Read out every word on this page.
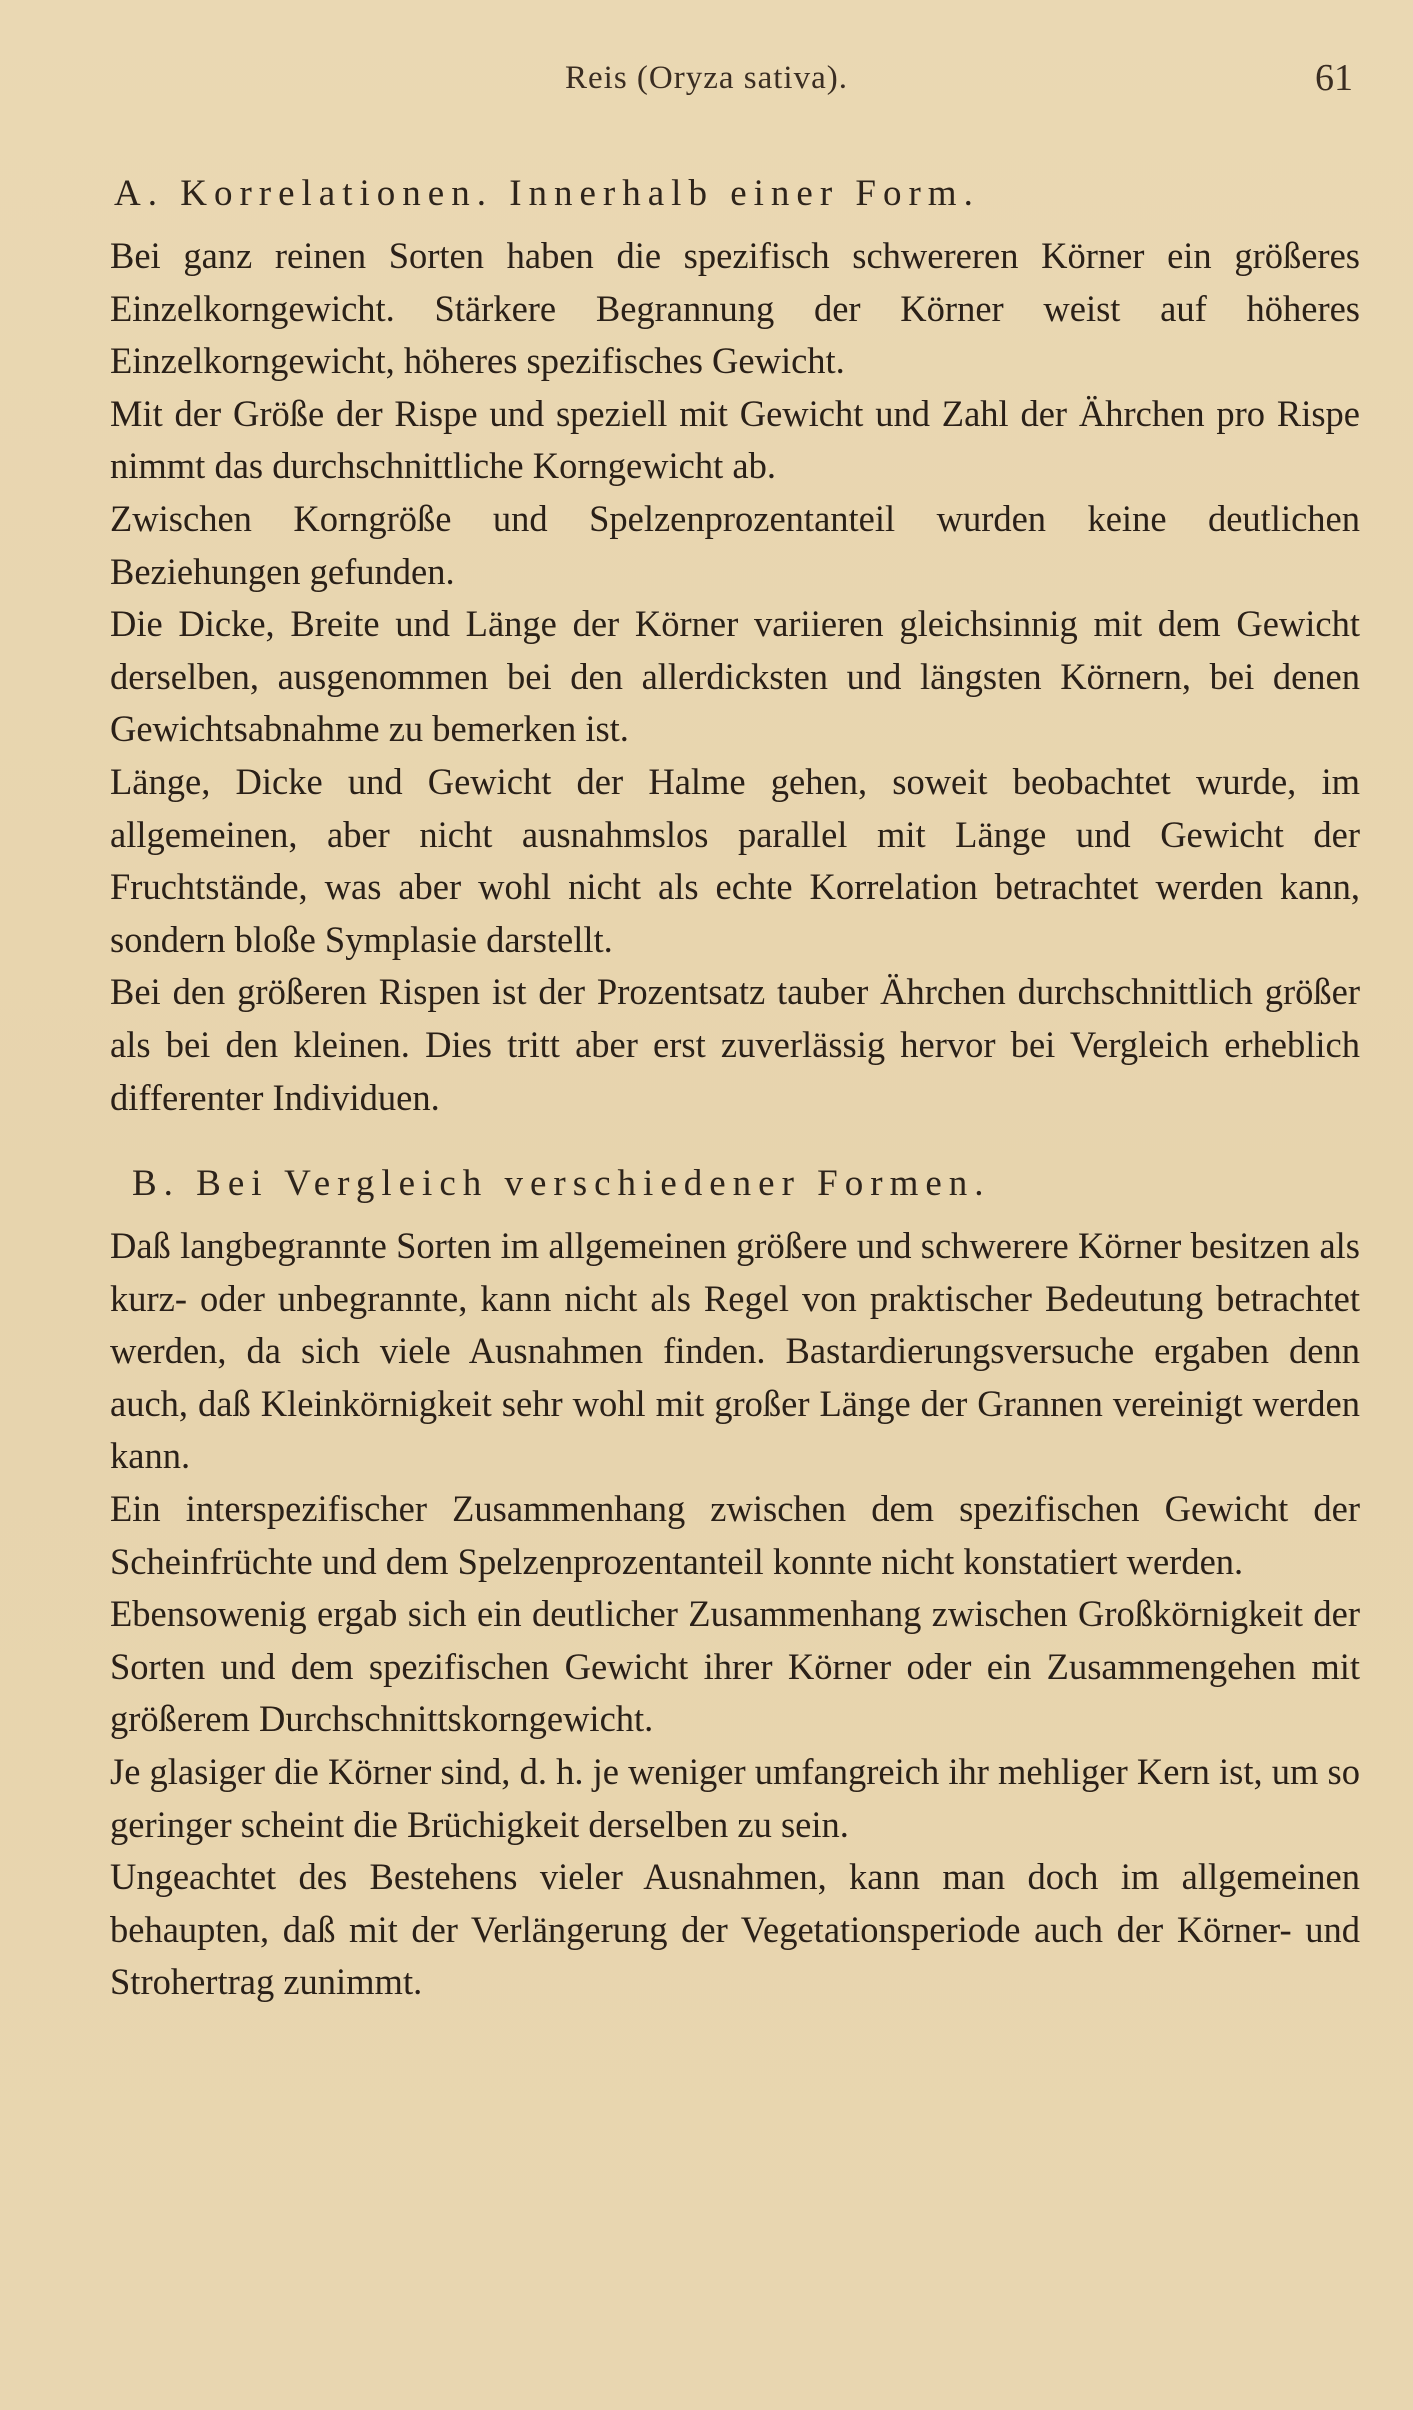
Reis (Oryza sativa).	61
A. Korrelationen. Innerhalb einer Form.

Bei ganz reinen Sorten haben die spezifisch schwereren Körner ein größeres Einzelkorngewicht. Stärkere Begrannung der Körner weist auf höheres Einzelkorngewicht, höheres spezifisches Gewicht.

Mit der Größe der Rispe und speziell mit Gewicht und Zahl der Ährchen pro Rispe nimmt das durchschnittliche Korngewicht ab.

Zwischen Korngröße und Spelzenprozentanteil wurden keine deutlichen Beziehungen gefunden.

Die Dicke, Breite und Länge der Körner variieren gleichsinnig mit dem Gewicht derselben, ausgenommen bei den allerdicksten und längsten Körnern, bei denen Gewichtsabnahme zu bemerken ist.

Länge, Dicke und Gewicht der Halme gehen, soweit beobachtet wurde, im allgemeinen, aber nicht ausnahmslos parallel mit Länge und Gewicht der Fruchtstände, was aber wohl nicht als echte Korrelation betrachtet werden kann, sondern bloße Symplasie darstellt.

Bei den größeren Rispen ist der Prozentsatz tauber Ährchen durchschnittlich größer als bei den kleinen. Dies tritt aber erst zuverlässig hervor bei Vergleich erheblich differenter Individuen.

B. Bei Vergleich verschiedener Formen.

Daß langbegrannte Sorten im allgemeinen größere und schwerere Körner besitzen als kurz- oder unbegrannte, kann nicht als Regel von praktischer Bedeutung betrachtet werden, da sich viele Ausnahmen finden. Bastardierungsversuche ergaben denn auch, daß Kleinkörnigkeit sehr wohl mit großer Länge der Grannen vereinigt werden kann.

Ein interspezifischer Zusammenhang zwischen dem spezifischen Gewicht der Scheinfrüchte und dem Spelzenprozentanteil konnte nicht konstatiert werden.

Ebensowenig ergab sich ein deutlicher Zusammenhang zwischen Großkörnigkeit der Sorten und dem spezifischen Gewicht ihrer Körner oder ein Zusammengehen mit größerem Durchschnittskorngewicht.

Je glasiger die Körner sind, d. h. je weniger umfangreich ihr mehliger Kern ist, um so geringer scheint die Brüchigkeit derselben zu sein.

Ungeachtet des Bestehens vieler Ausnahmen, kann man doch im allgemeinen behaupten, daß mit der Verlängerung der Vegetationsperiode auch der Körner- und Strohertrag zunimmt.
